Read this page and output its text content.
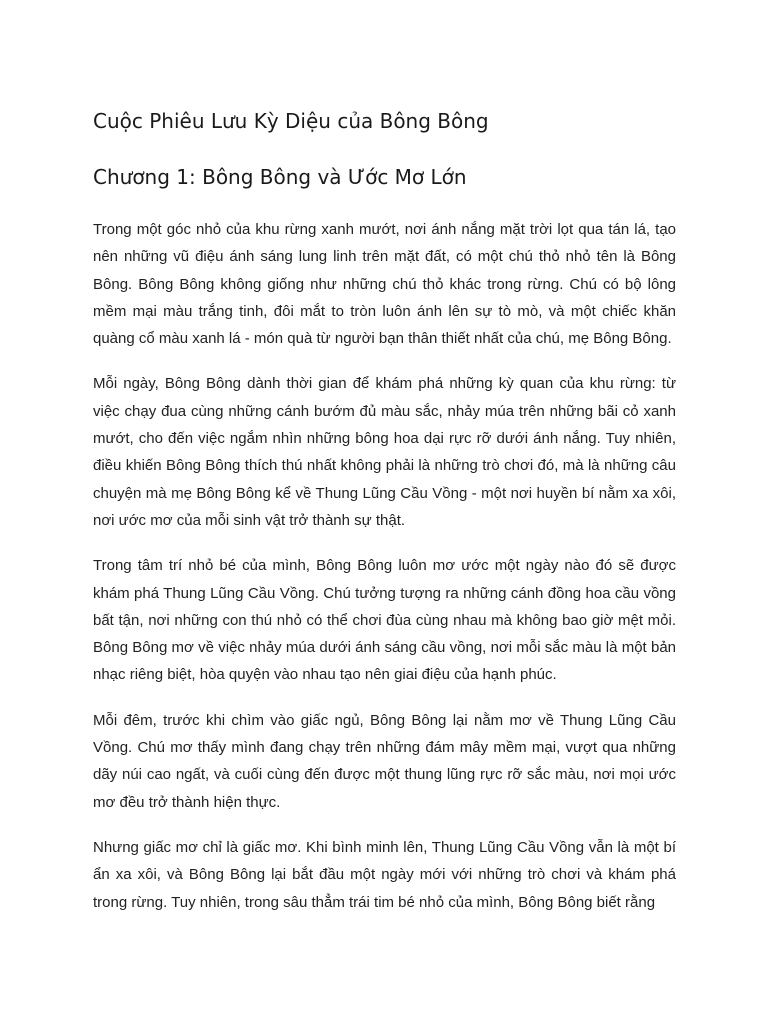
Cuộc Phiêu Lưu Kỳ Diệu của Bông Bông
Chương 1: Bông Bông và Ước Mơ Lớn

Trong một góc nhỏ của khu rừng xanh mướt, nơi ánh nắng mặt trời lọt qua tán lá, tạo nên những vũ điệu ánh sáng lung linh trên mặt đất, có một chú thỏ nhỏ tên là Bông Bông. Bông Bông không giống như những chú thỏ khác trong rừng. Chú có bộ lông mềm mại màu trắng tinh, đôi mắt to tròn luôn ánh lên sự tò mò, và một chiếc khăn quàng cổ màu xanh lá - món quà từ người bạn thân thiết nhất của chú, mẹ Bông Bông.

Mỗi ngày, Bông Bông dành thời gian để khám phá những kỳ quan của khu rừng: từ việc chạy đua cùng những cánh bướm đủ màu sắc, nhảy múa trên những bãi cỏ xanh mướt, cho đến việc ngắm nhìn những bông hoa dại rực rỡ dưới ánh nắng. Tuy nhiên, điều khiến Bông Bông thích thú nhất không phải là những trò chơi đó, mà là những câu chuyện mà mẹ Bông Bông kể về Thung Lũng Cầu Vồng - một nơi huyền bí nằm xa xôi, nơi ước mơ của mỗi sinh vật trở thành sự thật.

Trong tâm trí nhỏ bé của mình, Bông Bông luôn mơ ước một ngày nào đó sẽ được khám phá Thung Lũng Cầu Vồng. Chú tưởng tượng ra những cánh đồng hoa cầu vồng bất tận, nơi những con thú nhỏ có thể chơi đùa cùng nhau mà không bao giờ mệt mỏi. Bông Bông mơ về việc nhảy múa dưới ánh sáng cầu vồng, nơi mỗi sắc màu là một bản nhạc riêng biệt, hòa quyện vào nhau tạo nên giai điệu của hạnh phúc.

Mỗi đêm, trước khi chìm vào giấc ngủ, Bông Bông lại nằm mơ về Thung Lũng Cầu Vồng. Chú mơ thấy mình đang chạy trên những đám mây mềm mại, vượt qua những dãy núi cao ngất, và cuối cùng đến được một thung lũng rực rỡ sắc màu, nơi mọi ước mơ đều trở thành hiện thực.

Nhưng giấc mơ chỉ là giấc mơ. Khi bình minh lên, Thung Lũng Cầu Vồng vẫn là một bí ẩn xa xôi, và Bông Bông lại bắt đầu một ngày mới với những trò chơi và khám phá trong rừng. Tuy nhiên, trong sâu thẳm trái tim bé nhỏ của mình, Bông Bông biết rằng
